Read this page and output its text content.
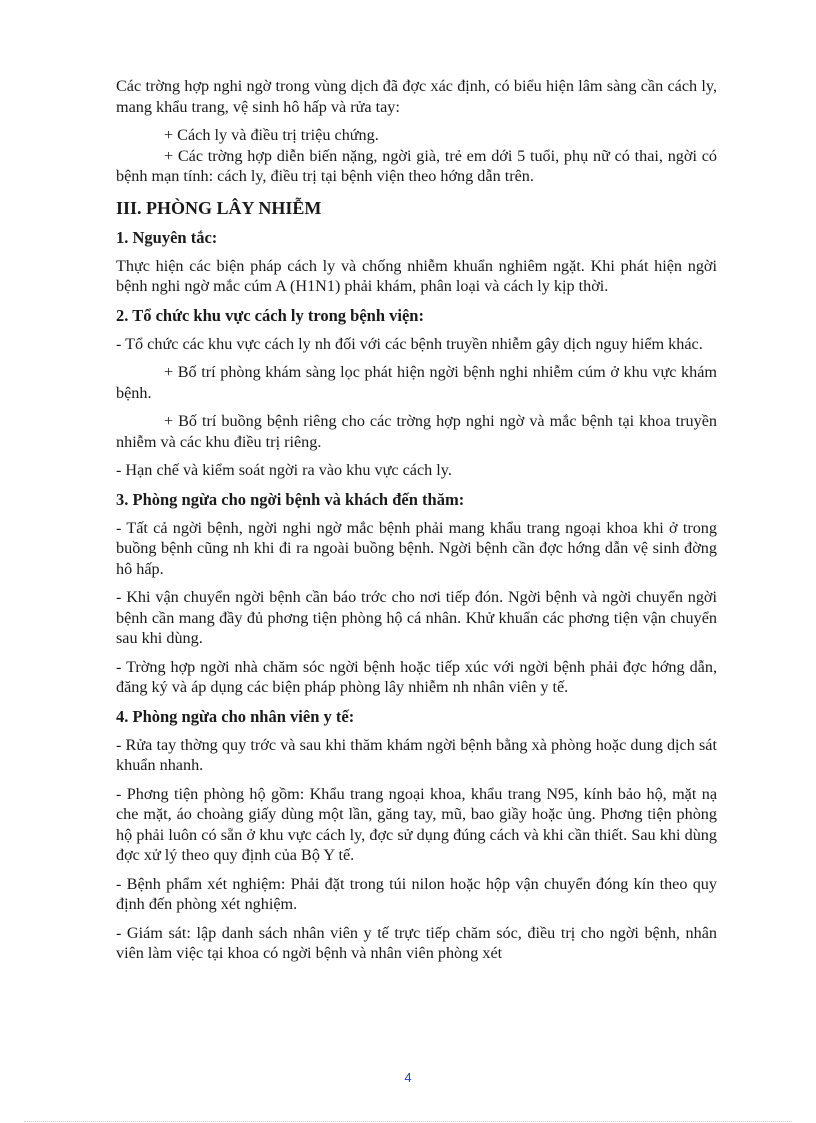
Các trờng hợp nghi ngờ trong vùng dịch đã đợc xác định, có biểu hiện lâm sàng cần cách ly, mang khẩu trang, vệ sinh hô hấp và rửa tay:

+ Cách ly và điều trị triệu chứng.

+ Các trờng hợp diễn biến nặng, ngời già, trẻ em dới 5 tuổi, phụ nữ có thai, ngời có bệnh mạn tính: cách ly, điều trị tại bệnh viện theo hớng dẫn trên.

III. PHÒNG LÂY NHIỄM

1. Nguyên tắc:

Thực hiện các biện pháp cách ly và chống nhiễm khuẩn nghiêm ngặt. Khi phát hiện ngời bệnh nghi ngờ mắc cúm A (H1N1) phải khám, phân loại và cách ly kịp thời.

2. Tổ chức khu vực cách ly trong bệnh viện:

- Tổ chức các khu vực cách ly nh đối với các bệnh truyền nhiễm gây dịch nguy hiểm khác.

+ Bố trí phòng khám sàng lọc phát hiện ngời bệnh nghi nhiễm cúm ở khu vực khám bệnh.

+ Bố trí buồng bệnh riêng cho các trờng hợp nghi ngờ và mắc bệnh tại khoa truyền nhiễm và các khu điều trị riêng.

- Hạn chế và kiểm soát ngời ra vào khu vực cách ly.

3. Phòng ngừa cho ngời bệnh và khách đến thăm:

- Tất cả ngời bệnh, ngời nghi ngờ mắc bệnh phải mang khẩu trang ngoại khoa khi ở trong buồng bệnh cũng nh khi đi ra ngoài buồng bệnh. Ngời bệnh cần đợc hớng dẫn vệ sinh đờng hô hấp.

- Khi vận chuyển ngời bệnh cần báo trớc cho nơi tiếp đón. Ngời bệnh và ngời chuyển ngời bệnh cần mang đầy đủ phơng tiện phòng hộ cá nhân. Khử khuẩn các phơng tiện vận chuyển sau khi dùng.

- Trờng hợp ngời nhà chăm sóc ngời bệnh hoặc tiếp xúc với ngời bệnh phải đợc hớng dẫn, đăng ký và áp dụng các biện pháp phòng lây nhiễm nh nhân viên y tế.

4. Phòng ngừa cho nhân viên y tế:

- Rửa tay thờng quy trớc và sau khi thăm khám ngời bệnh bằng xà phòng hoặc dung dịch sát khuẩn nhanh.

- Phơng tiện phòng hộ gồm: Khẩu trang ngoại khoa, khẩu trang N95, kính bảo hộ, mặt nạ che mặt, áo choàng giấy dùng một lần, găng tay, mũ, bao giầy hoặc ủng. Phơng tiện phòng hộ phải luôn có sẵn ở khu vực cách ly, đợc sử dụng đúng cách và khi cần thiết. Sau khi dùng đợc xử lý theo quy định của Bộ Y tế.

- Bệnh phẩm xét nghiệm: Phải đặt trong túi nilon hoặc hộp vận chuyển đóng kín theo quy định đến phòng xét nghiệm.

- Giám sát: lập danh sách nhân viên y tế trực tiếp chăm sóc, điều trị cho ngời bệnh, nhân viên làm việc tại khoa có ngời bệnh và nhân viên phòng xét

4
